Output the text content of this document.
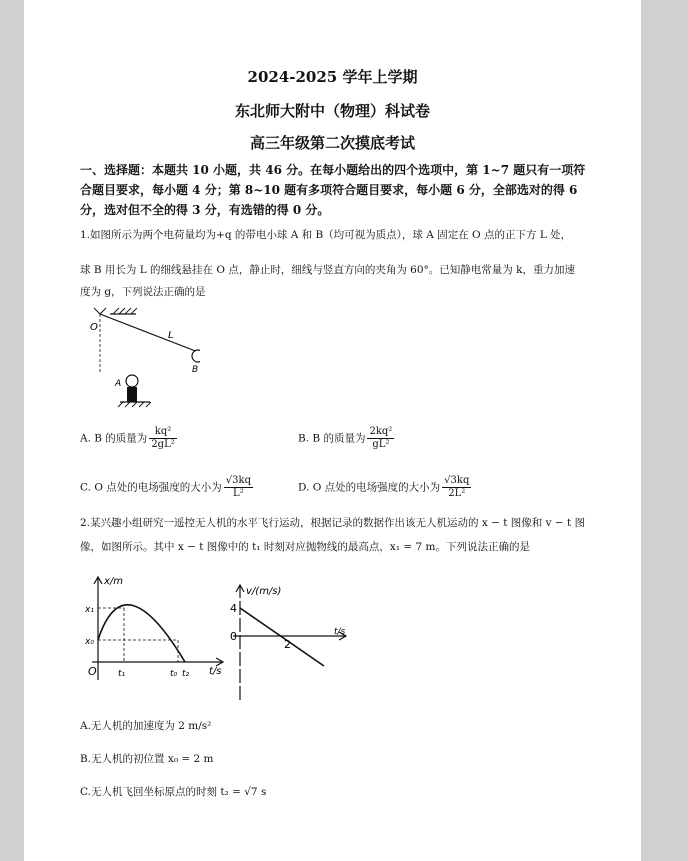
2024-2025 学年上学期
东北师大附中（物理）科试卷
高三年级第二次摸底考试
一、选择题：本题共 10 小题，共 46 分。在每小题给出的四个选项中，第 1~7 题只有一项符
合题目要求，每小题 4 分；第 8~10 题有多项符合题目要求，每小题 6 分，全部选对的得 6
分，选对但不全的得 3 分，有选错的得 0 分。
1.如图所示为两个电荷量均为+q 的带电小球 A 和 B（均可视为质点），球 A 固定在 O 点的正下方 L 处，
球 B 用长为 L 的细线悬挂在 O 点，静止时，细线与竖直方向的夹角为 60°。已知静电常量为 k，重力加速
度为 g，下列说法正确的是
O
L
B
A
A. B 的质量为 $\frac{\text{kq²}}{\text{2gL²}}$	B. B 的质量为 $\frac{\text{2kq²}}{\text{gL²}}$
C. O 点处的电场强度的大小为 $\frac{√3kq}{\text{L²}}$	D. O 点处的电场强度的大小为 $\frac{√3kq}{\text{2L²}}$
2.某兴趣小组研究一遥控无人机的水平飞行运动，根据记录的数据作出该无人机运动的 x − t 图像和 v − t 图
像，如图所示。其中 x − t 图像中的 t₁ 时刻对应抛物线的最高点，x₁ = 7 m。下列说法正确的是
x/m
t/s
x₁
x₀
O t₁	t₀ t₂
v/(m/s)
t/s
4
0
2
A.无人机的加速度为 2 m/s²
B.无人机的初位置 x₀ = 2 m
C.无人机飞回坐标原点的时刻 t₂ = √7 s
